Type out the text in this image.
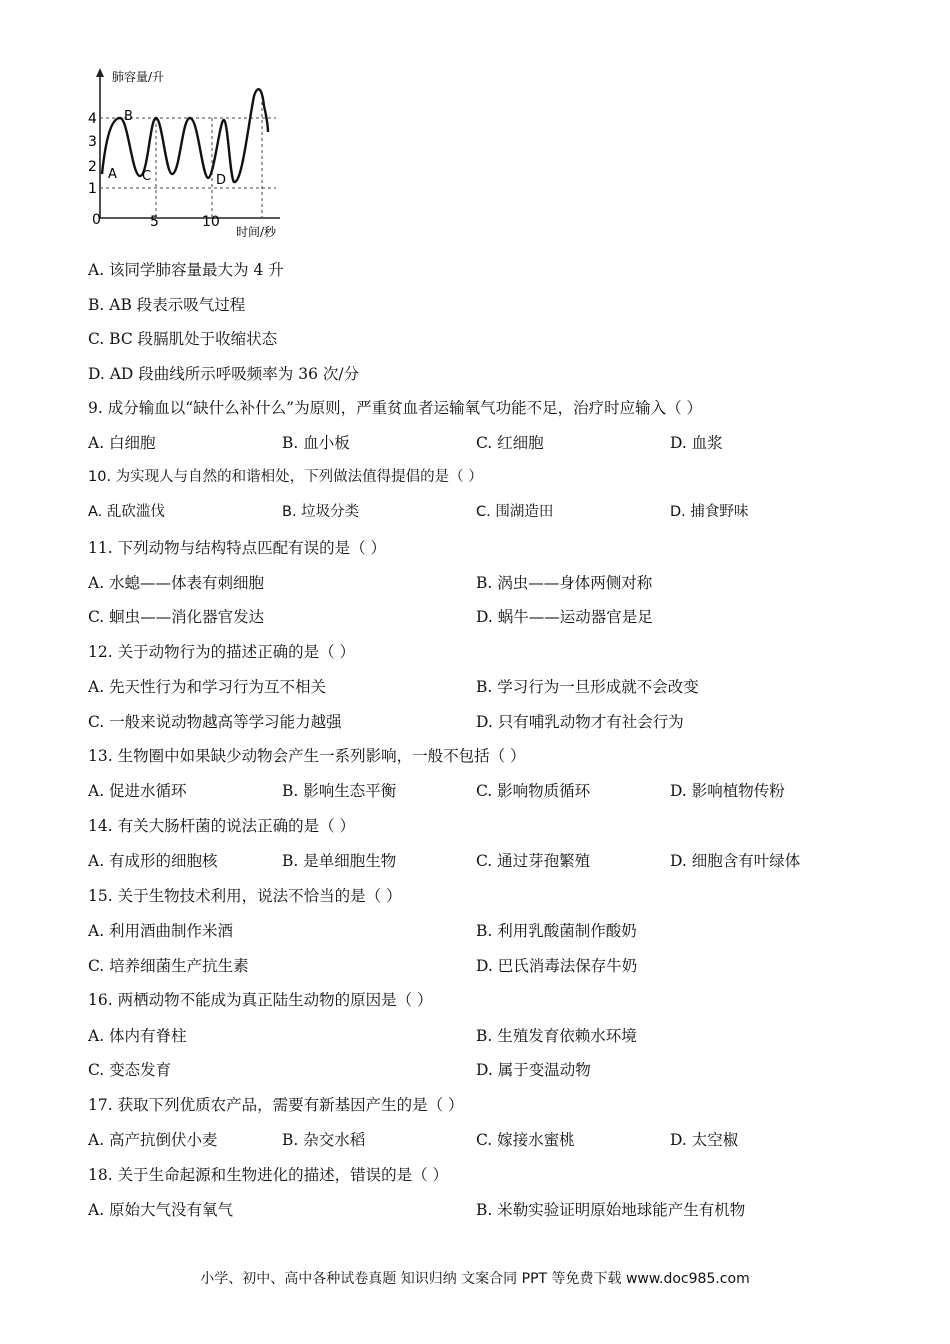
4
3
2
1
0	5	10
肺容量/升
时间/秒
A
B
C	D
A. 该同学肺容量最大为 4 升
B. AB 段表示吸气过程
C. BC 段膈肌处于收缩状态
D. AD 段曲线所示呼吸频率为 36 次/分
9. 成分输血以“缺什么补什么”为原则，严重贫血者运输氧气功能不足，治疗时应输入（ ）
A. 白细胞	B. 血小板	C. 红细胞	D. 血浆
10. 为实现人与自然的和谐相处，下列做法值得提倡的是（ ）
A. 乱砍滥伐	B. 垃圾分类	C. 围湖造田	D. 捕食野味
11. 下列动物与结构特点匹配有误的是（ ）
A. 水螅——体表有刺细胞	B. 涡虫——身体两侧对称
C. 蛔虫——消化器官发达	D. 蜗牛——运动器官是足
12. 关于动物行为的描述正确的是（ ）
A. 先天性行为和学习行为互不相关	B. 学习行为一旦形成就不会改变
C. 一般来说动物越高等学习能力越强	D. 只有哺乳动物才有社会行为
13. 生物圈中如果缺少动物会产生一系列影响，一般不包括（ ）
A. 促进水循环	B. 影响生态平衡	C. 影响物质循环	D. 影响植物传粉
14. 有关大肠杆菌的说法正确的是（ ）
A. 有成形的细胞核	B. 是单细胞生物	C. 通过芽孢繁殖	D. 细胞含有叶绿体
15. 关于生物技术利用，说法不恰当的是（ ）
A. 利用酒曲制作米酒	B. 利用乳酸菌制作酸奶
C. 培养细菌生产抗生素	D. 巴氏消毒法保存牛奶
16. 两栖动物不能成为真正陆生动物的原因是（ ）
A. 体内有脊柱	B. 生殖发育依赖水环境
C. 变态发育	D. 属于变温动物
17. 获取下列优质农产品，需要有新基因产生的是（ ）
A. 高产抗倒伏小麦	B. 杂交水稻	C. 嫁接水蜜桃	D. 太空椒
18. 关于生命起源和生物进化的描述，错误的是（ ）
A. 原始大气没有氧气	B. 米勒实验证明原始地球能产生有机物
小学、初中、高中各种试卷真题 知识归纳 文案合同 PPT 等免费下载 www.doc985.com
